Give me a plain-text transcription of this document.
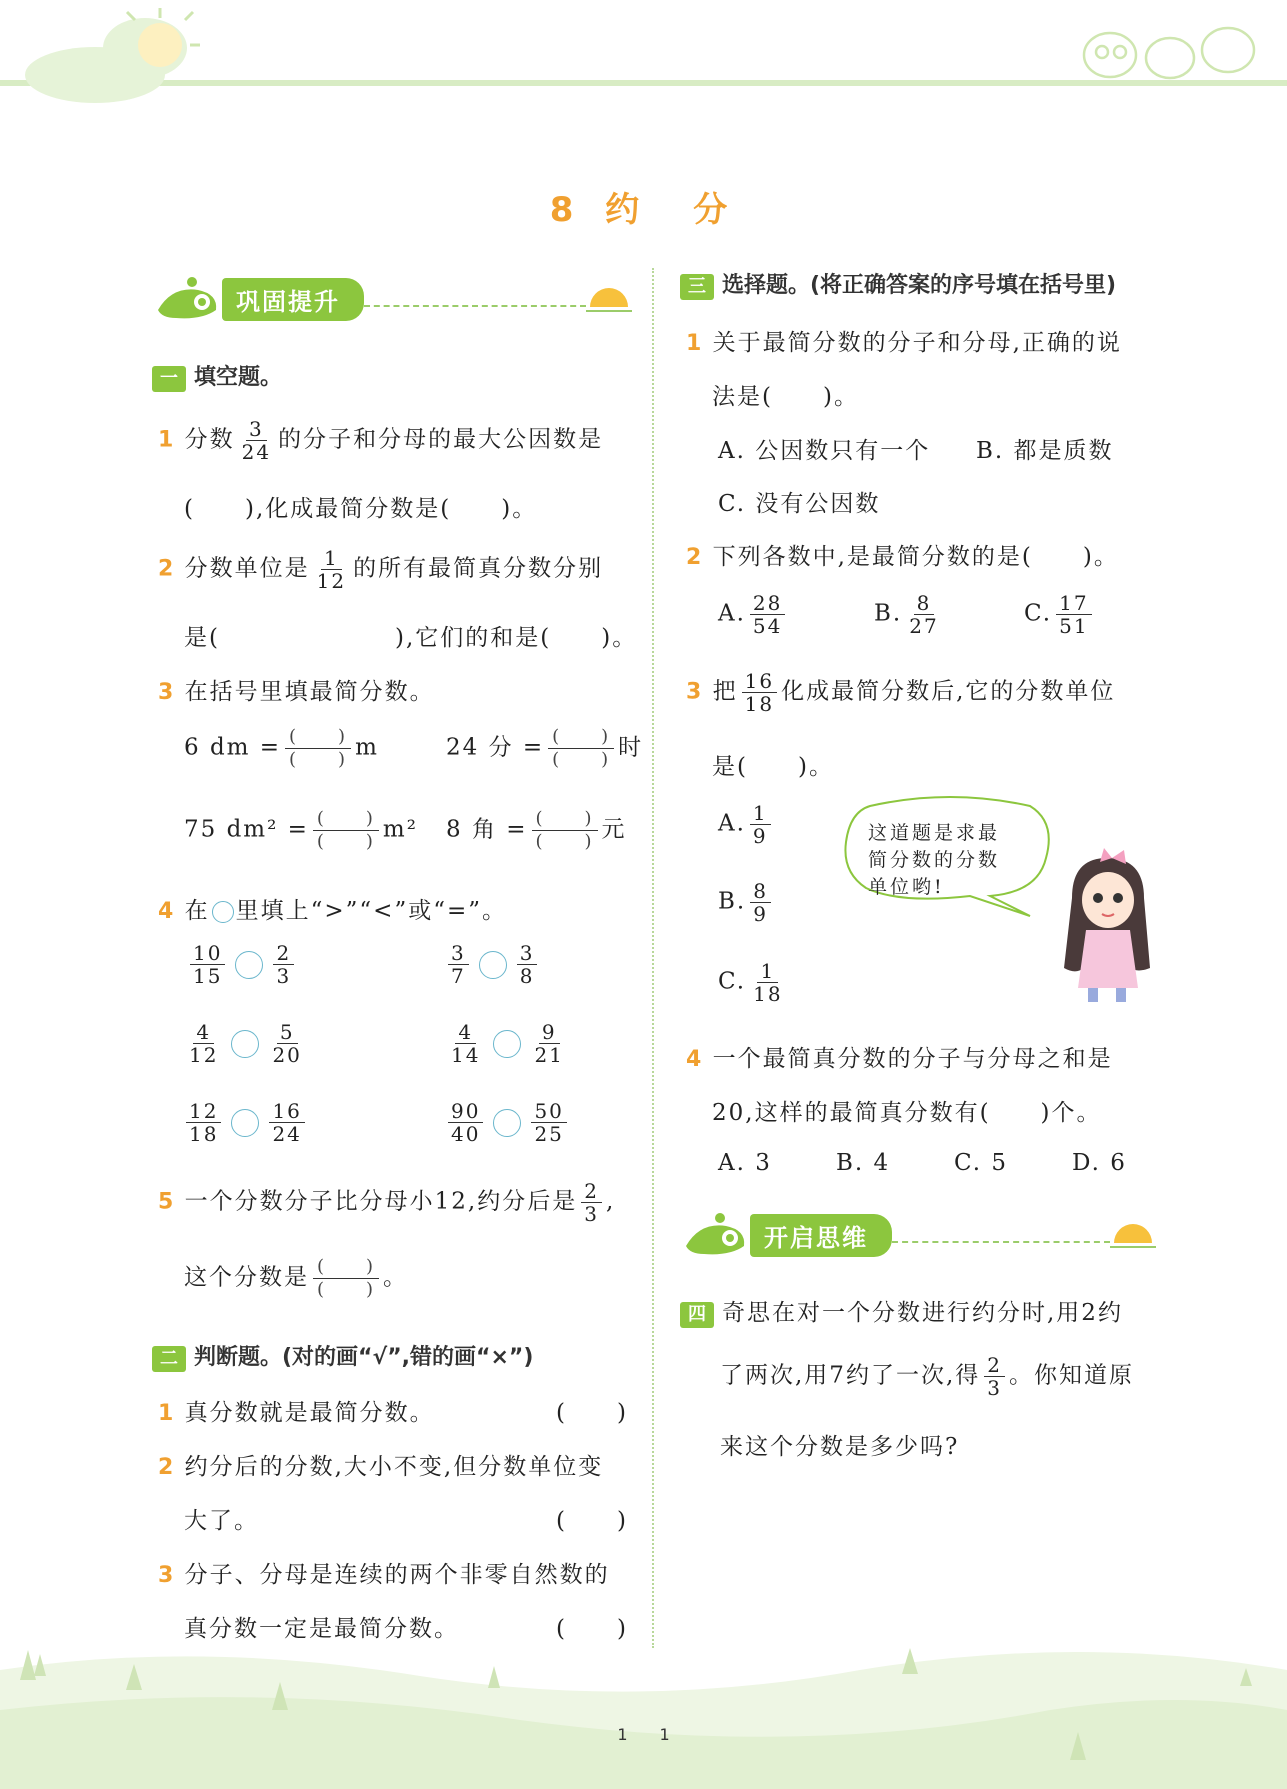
8 约　分
巩固提升
一 填空题。
1 分数 $\frac{3}{24}$ 的分子和分母的最大公因数是
(　　),化成最简分数是(　　)。
2 分数单位是 $\frac{1}{12}$ 的所有最简真分数分别
是(　　　　　　　),它们的和是(　　)。
3 在括号里填最简分数。
6 dm = $\frac{( )}{( )}$ m	24 分 = $\frac{( )}{( )}$ 时
75 $dm^2 = \frac{( )}{( )} m^2$ 8 角 = $\frac{( )}{( )}$ 元
4 在 里填上“>”“<”或“=”。
$\frac{10}{15} \frac{2}{3}$	$\frac{3}{7} \frac{3}{8}$
$\frac{4}{12} \frac{5}{20}$	$\frac{4}{14} \frac{9}{21}$
$\frac{12}{18} \frac{16}{24}$	$\frac{90}{40} \frac{50}{25}$
5 一个分数分子比分母小12,约分后是 $\frac{2}{3}$ ,
这个分数是 $\frac{( )}{( )}$ 。
二 判断题。(对的画“√”,错的画“×”)
1 真分数就是最简分数。	(　　)
2 约分后的分数,大小不变,但分数单位变
大了。	(　　)
3 分子、分母是连续的两个非零自然数的
真分数一定是最简分数。	(　　)
三 选择题。(将正确答案的序号填在括号里)
1 关于最简分数的分子和分母,正确的说
法是(　　)。
A. 公因数只有一个 B. 都是质数
C. 没有公因数
2 下列各数中,是最简分数的是(　　)。
A. $\frac{28}{54}$	B. $\frac{8}{27}$	C. $\frac{17}{51}$
3 把 $\frac{16}{18}$ 化成最简分数后,它的分数单位
是(　　)。
A. $\frac{1}{9}$
B. $\frac{8}{9}$
C. $\frac{1}{18}$
这道题是求最
简分数的分数
单位哟!
4 一个最简真分数的分子与分母之和是
20,这样的最简真分数有(　　)个。
A. 3	B. 4	C. 5	D. 6
开启思维
四 奇思在对一个分数进行约分时,用2约
了两次,用7约了一次,得 $\frac{2}{3}$ 。你知道原
来这个分数是多少吗?
1　　1
